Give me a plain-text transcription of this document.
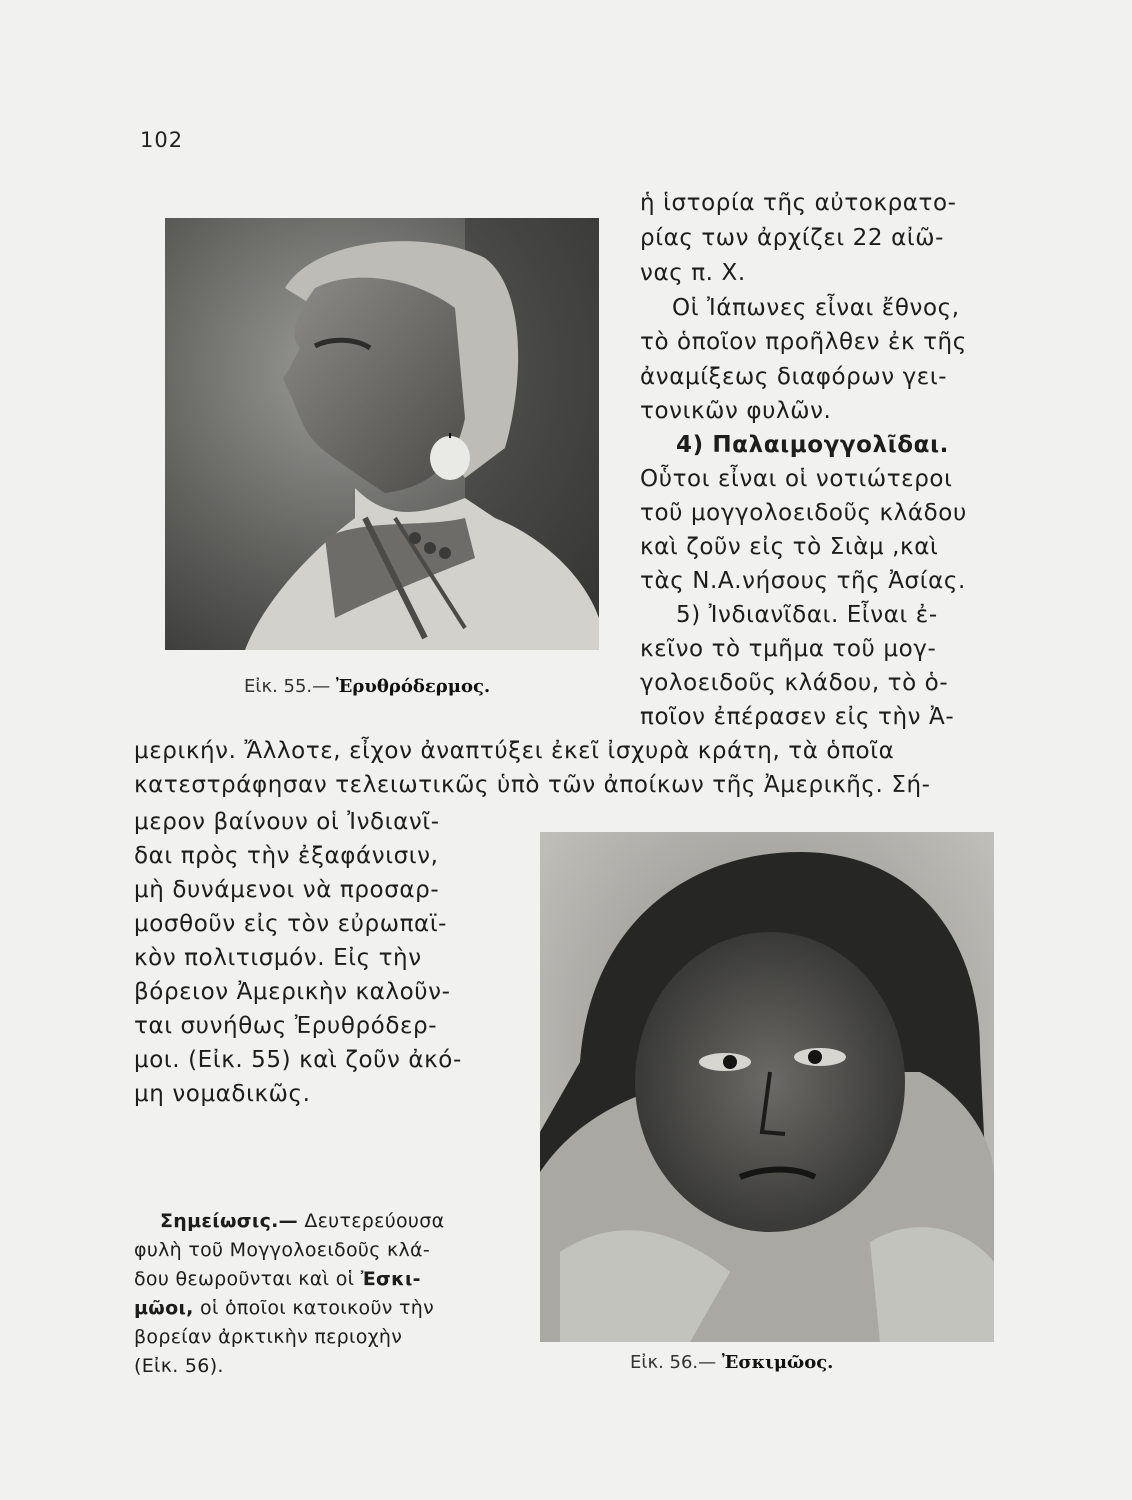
102
Εἰκ. 55.— Ἐρυθρόδερμος.
ἡ ἱστορία τῆς αὐτοκρατο-
ρίας των ἀρχίζει 22 αἰῶ-
νας π. Χ.
Οἱ Ἰάπωνες εἶναι ἔθνος,
τὸ ὁποῖον προῆλθεν ἐκ τῆς
ἀναμίξεως διαφόρων γει-
τονικῶν φυλῶν.
4) Παλαιμογγολῖδαι.
Οὗτοι εἶναι οἱ νοτιώτεροι
τοῦ μογγολοειδοῦς κλάδου
καὶ ζοῦν εἰς τὸ Σιὰμ ,καὶ
τὰς Ν.Α.νήσους τῆς Ἀσίας.
5) Ἰνδιανῖδαι. Εἶναι ἐ-
κεῖνο τὸ τμῆμα τοῦ μογ-
γολοειδοῦς κλάδου, τὸ ὁ-
ποῖον ἐπέρασεν εἰς τὴν Ἀ-
μερικήν. Ἄλλοτε, εἶχον ἀναπτύξει ἐκεῖ ἰσχυρὰ κράτη, τὰ ὁποῖα
κατεστράφησαν τελειωτικῶς ὑπὸ τῶν ἀποίκων τῆς Ἀμερικῆς. Σή-
μερον βαίνουν οἱ Ἰνδιανῖ-
δαι πρὸς τὴν ἐξαφάνισιν,
μὴ δυνάμενοι νὰ προσαρ-
μοσθοῦν εἰς τὸν εὐρωπαϊ-
κὸν πολιτισμόν. Εἰς τὴν
βόρειον Ἀμερικὴν καλοῦν-
ται συνήθως Ἐρυθρόδερ-
μοι. (Εἰκ. 55) καὶ ζοῦν ἀκό-
μη νομαδικῶς.
Σημείωσις.— Δευτερεύουσα
φυλὴ τοῦ Μογγολοειδοῦς κλά-
δου θεωροῦνται καὶ οἱ Ἐσκι-
μῶοι, οἱ ὁποῖοι κατοικοῦν τὴν
βορείαν ἀρκτικὴν περιοχὴν
(Εἰκ. 56).	Εἰκ. 56.— Ἐσκιμῶος.
